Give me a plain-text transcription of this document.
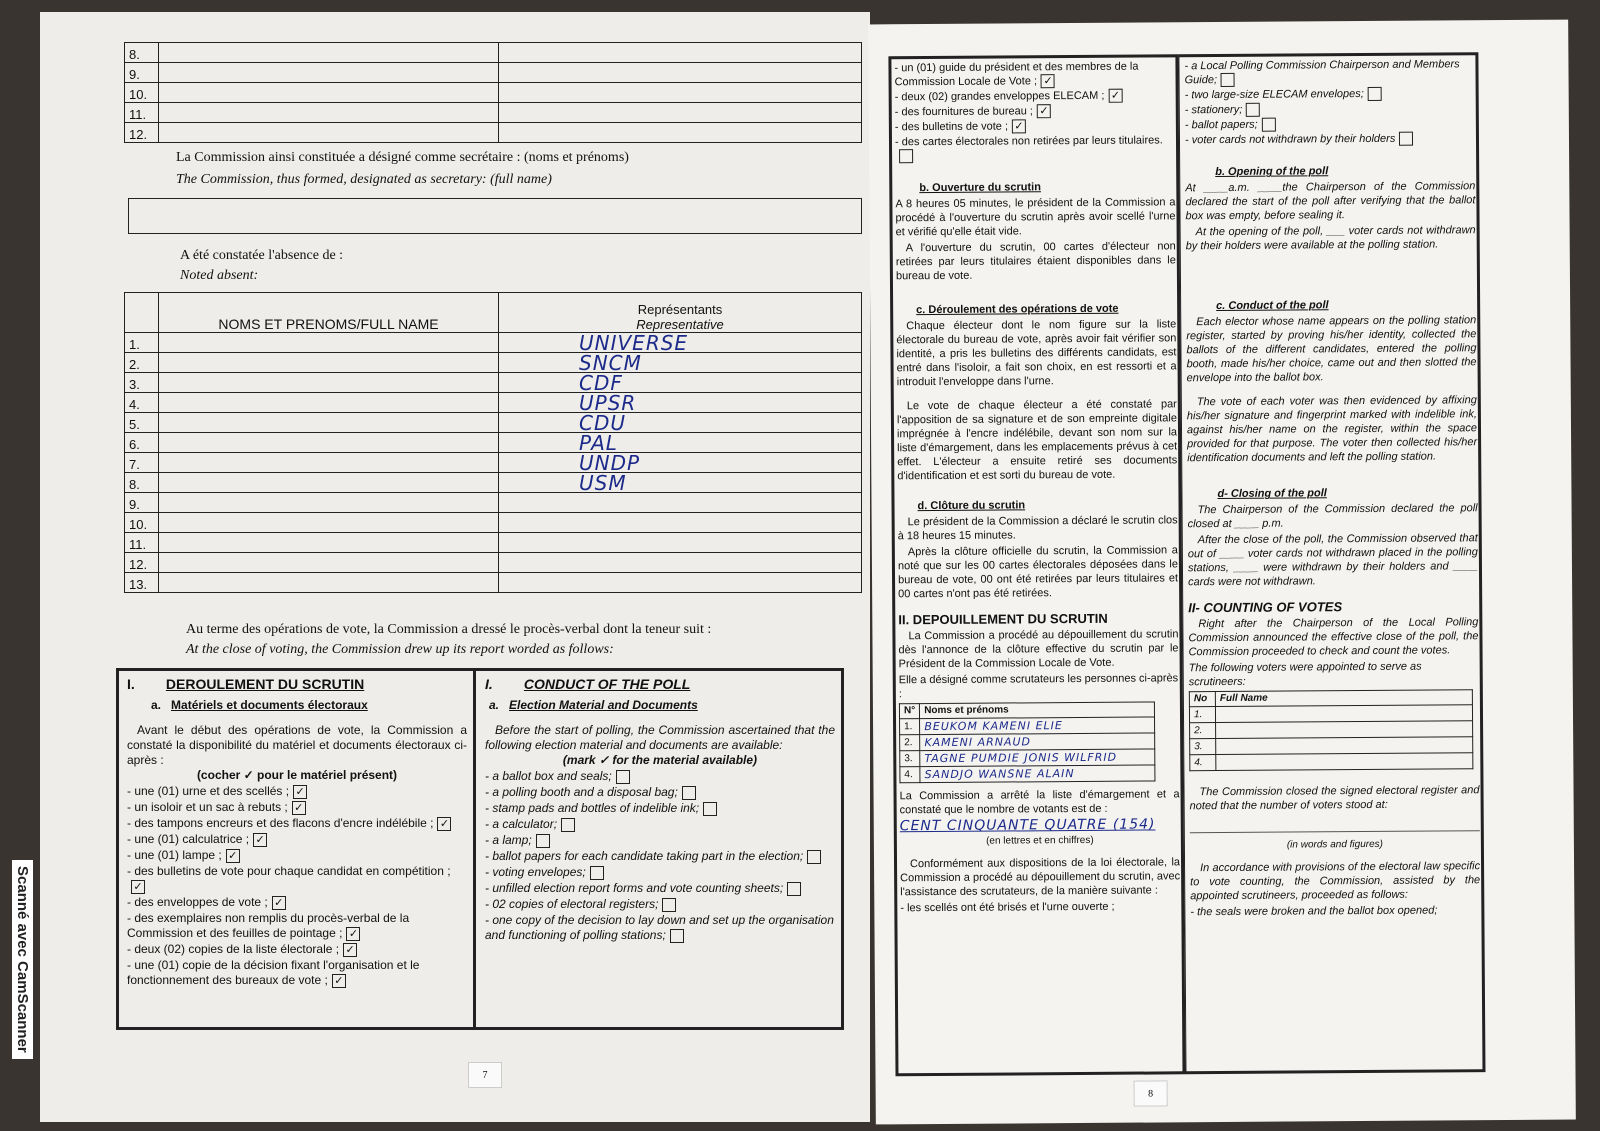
8.		
9.		
10.		
11.		
12.		
La Commission ainsi constituée a désigné comme secrétaire : (noms et prénoms)
The Commission, thus formed, designated as secretary: (full name)
A été constatée l'absence de :
Noted absent:
	NOMS ET PRENOMS/FULL NAME	Représentants
Representative

1.		UNIVERSE
2.		SNCM
3.		CDF
4.		UPSR
5.		CDU
6.		PAL
7.		UNDP
8.		USM
9.		
10.		
11.		
12.		
13.		
Au terme des opérations de vote, la Commission a dressé le procès-verbal dont la teneur suit :
At the close of voting, the Commission drew up its report worded as follows:
I. DEROULEMENT DU SCRUTIN
a. Matériels et documents électoraux

Avant le début des opérations de vote, la Commission a constaté la disponibilité du matériel et documents électoraux ci-après :

(cocher ✓ pour le matériel présent)

- une (01) urne et des scellés ; ✓
- un isoloir et un sac à rebuts ; ✓
- des tampons encreurs et des flacons d'encre indélébile ; ✓
- une (01) calculatrice ; ✓
- une (01) lampe ; ✓
- des bulletins de vote pour chaque candidat en compétition ;✓
- des enveloppes de vote ; ✓
- des exemplaires non remplis du procès-verbal de la Commission et des feuilles de pointage ; ✓
- deux (02) copies de la liste électorale ; ✓
- une (01) copie de la décision fixant l'organisation et le fonctionnement des bureaux de vote ; ✓
I. CONDUCT OF THE POLL
a. Election Material and Documents

Before the start of polling, the Commission ascertained that the following election material and documents are available:

(mark ✓ for the material available)

- a ballot box and seals;
- a polling booth and a disposal bag;
- stamp pads and bottles of indelible ink;
- a calculator;
- a lamp;
- ballot papers for each candidate taking part in the election;
- voting envelopes;
- unfilled election report forms and vote counting sheets;
- 02 copies of electoral registers;
- one copy of the decision to lay down and set up the organisation and functioning of polling stations;
7
- un (01) guide du président et des membres de la Commission Locale de Vote ; ✓
- deux (02) grandes enveloppes ELECAM ; ✓
- des fournitures de bureau ; ✓
- des bulletins de vote ; ✓
- des cartes électorales non retirées par leurs titulaires.

b. Ouverture du scrutin

A 8 heures 05 minutes, le président de la Commission a procédé à l'ouverture du scrutin après avoir scellé l'urne et vérifié qu'elle était vide.

A l'ouverture du scrutin, 00 cartes d'électeur non retirées par leurs titulaires étaient disponibles dans le bureau de vote.

c. Déroulement des opérations de vote

Chaque électeur dont le nom figure sur la liste électorale du bureau de vote, après avoir fait vérifier son identité, a pris les bulletins des différents candidats, est entré dans l'isoloir, a fait son choix, en est ressorti et a introduit l'enveloppe dans l'urne.

Le vote de chaque électeur a été constaté par l'apposition de sa signature et de son empreinte digitale imprégnée à l'encre indélébile, devant son nom sur la liste d'émargement, dans les emplacements prévus à cet effet. L'électeur a ensuite retiré ses documents d'identification et est sorti du bureau de vote.

d. Clôture du scrutin

Le président de la Commission a déclaré le scrutin clos à 18 heures 15 minutes.

Après la clôture officielle du scrutin, la Commission a noté que sur les 00 cartes électorales déposées dans le bureau de vote, 00 ont été retirées par leurs titulaires et 00 cartes n'ont pas été retirées.

II. DEPOUILLEMENT DU SCRUTIN

La Commission a procédé au dépouillement du scrutin dès l'annonce de la clôture effective du scrutin par le Président de la Commission Locale de Vote.

Elle a désigné comme scrutateurs les personnes ci-après :

N°	Noms et prénoms
1.	BEUKOM KAMENI ELIE
2.	KAMENI ARNAUD
3.	TAGNE PUMDIE JONIS WILFRID
4.	SANDJO WANSNE ALAIN

La Commission a arrêté la liste d'émargement et a constaté que le nombre de votants est de :

CENT CINQUANTE QUATRE (154)

(en lettres et en chiffres)

Conformément aux dispositions de la loi électorale, la Commission a procédé au dépouillement du scrutin, avec l'assistance des scrutateurs, de la manière suivante :

- les scellés ont été brisés et l'urne ouverte ;

- a Local Polling Commission Chairperson and Members Guide;
- two large-size ELECAM envelopes;
- stationery;
- ballot papers;
- voter cards not withdrawn by their holders

b. Opening of the poll

At ____a.m. ____the Chairperson of the Commission declared the start of the poll after verifying that the ballot box was empty, before sealing it.

At the opening of the poll, ___ voter cards not withdrawn by their holders were available at the polling station.

c. Conduct of the poll

Each elector whose name appears on the polling station register, started by proving his/her identity, collected the ballots of the different candidates, entered the polling booth, made his/her choice, came out and then slotted the envelope into the ballot box.

The vote of each voter was then evidenced by affixing his/her signature and fingerprint marked with indelible ink, against his/her name on the register, within the space provided for that purpose. The voter then collected his/her identification documents and left the polling station.

d- Closing of the poll

The Chairperson of the Commission declared the poll closed at ____ p.m.

After the close of the poll, the Commission observed that out of ____ voter cards not withdrawn placed in the polling stations, ____ were withdrawn by their holders and ____ cards were not withdrawn.

II- COUNTING OF VOTES

Right after the Chairperson of the Local Polling Commission announced the effective close of the poll, the Commission proceeded to check and count the votes.

The following voters were appointed to serve as scrutineers:

No	Full Name
1.	
2.	
3.	
4.	

The Commission closed the signed electoral register and noted that the number of voters stood at:

(in words and figures)

In accordance with provisions of the electoral law specific to vote counting, the Commission, assisted by the appointed scrutineers, proceeded as follows:

- the seals were broken and the ballot box opened;

8
Scanné avec CamScanner
